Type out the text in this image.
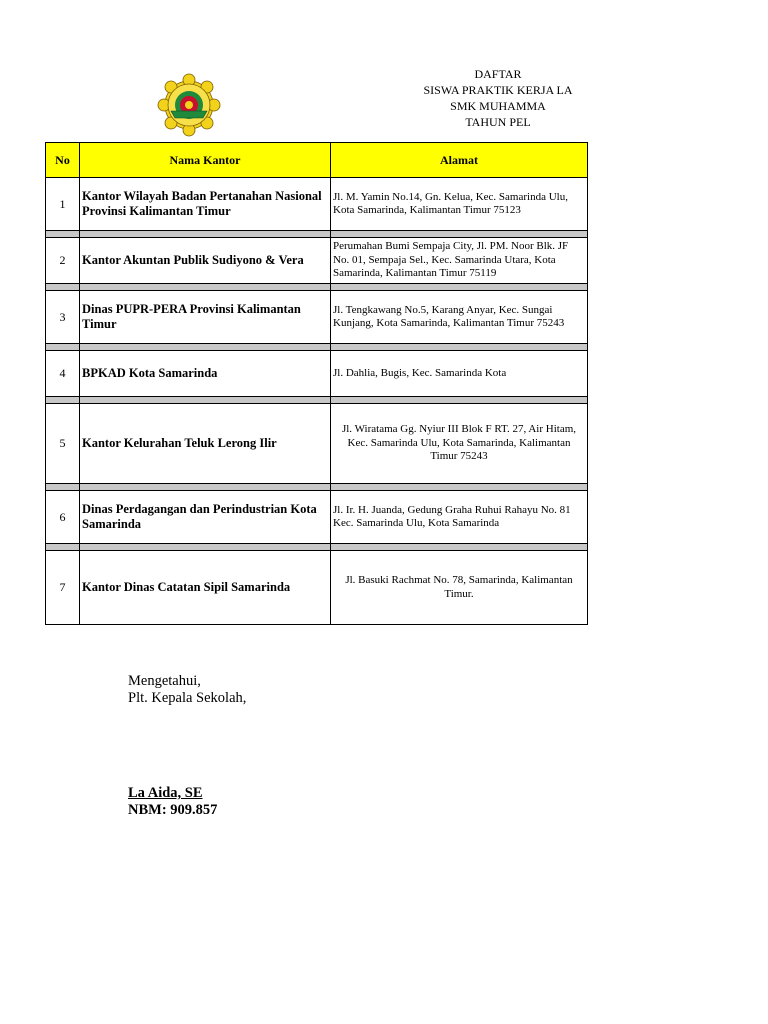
DAFTAR
SISWA PRAKTIK KERJA LA
SMK MUHAMMA
TAHUN PEL
No	Nama Kantor	Alamat
1	Kantor Wilayah Badan Pertanahan Nasional Provinsi Kalimantan Timur	Jl. M. Yamin No.14, Gn. Kelua, Kec. Samarinda Ulu, Kota Samarinda, Kalimantan Timur 75123

2	Kantor Akuntan Publik Sudiyono & Vera	Perumahan Bumi Sempaja City, Jl. PM. Noor Blk. JF No. 01, Sempaja Sel., Kec. Samarinda Utara, Kota Samarinda, Kalimantan Timur 75119

3	Dinas PUPR-PERA Provinsi Kalimantan Timur	Jl. Tengkawang No.5, Karang Anyar, Kec. Sungai Kunjang, Kota Samarinda, Kalimantan Timur 75243

4	BPKAD Kota Samarinda	Jl. Dahlia, Bugis, Kec. Samarinda Kota

5	Kantor Kelurahan Teluk Lerong Ilir	Jl. Wiratama Gg. Nyiur III Blok F RT. 27, Air Hitam, Kec. Samarinda Ulu, Kota Samarinda, Kalimantan Timur 75243

6	Dinas Perdagangan dan Perindustrian Kota Samarinda	Jl. Ir. H. Juanda, Gedung Graha Ruhui Rahayu No. 81 Kec. Samarinda Ulu, Kota Samarinda

7	Kantor Dinas Catatan Sipil Samarinda	Jl. Basuki Rachmat No. 78, Samarinda, Kalimantan Timur.
Mengetahui,
Plt. Kepala Sekolah,
La Aida, SE
NBM: 909.857
